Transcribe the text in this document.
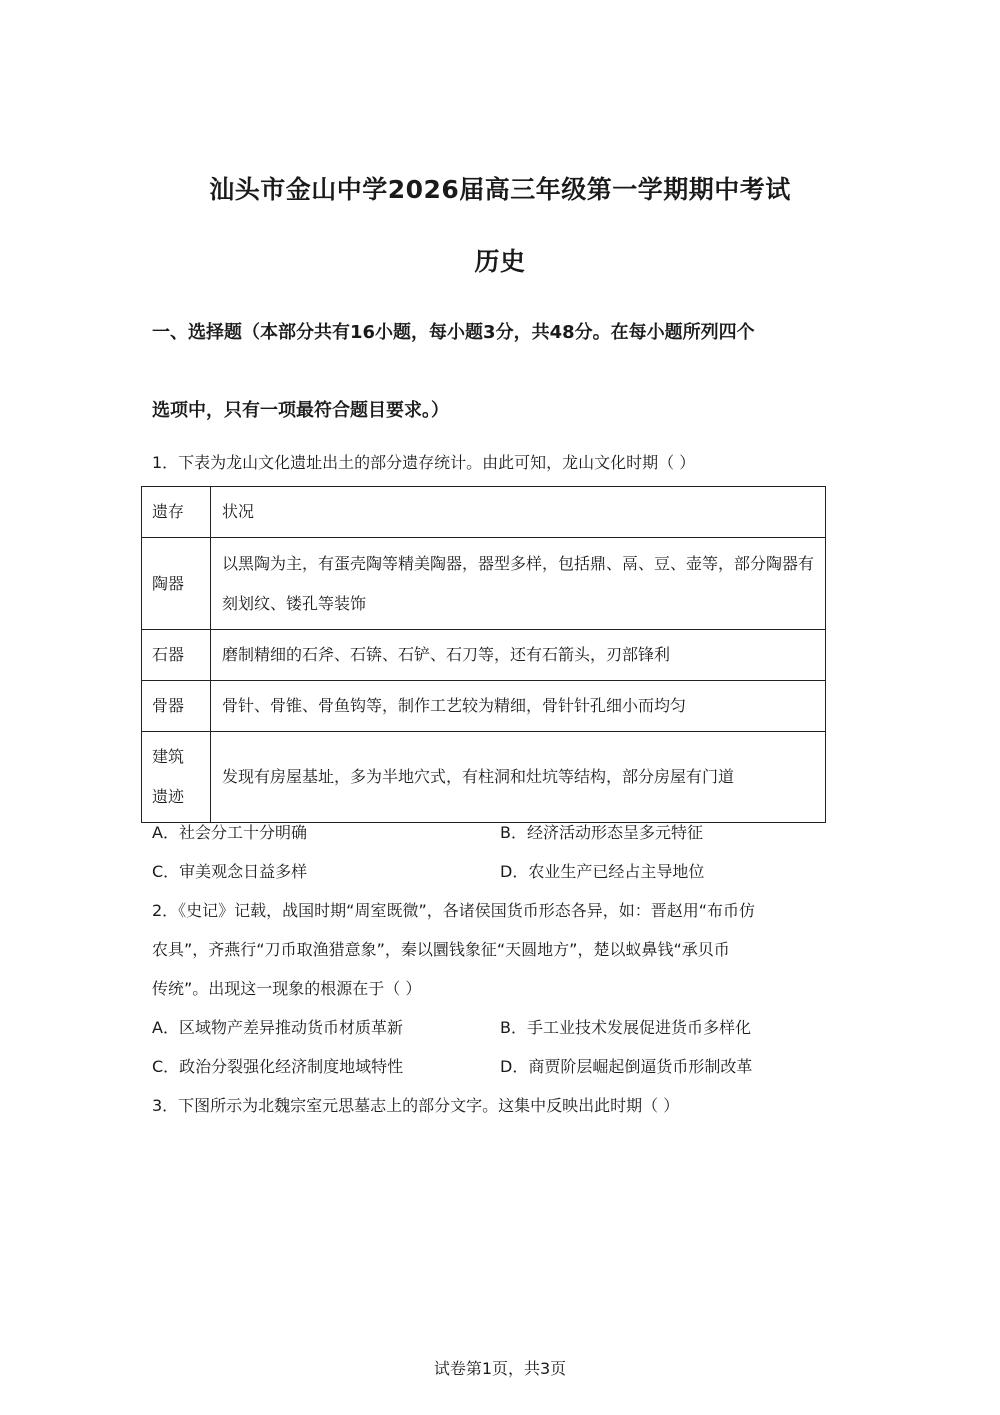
汕头市金山中学2026届高三年级第一学期期中考试
历史
一、选择题（本部分共有16小题，每小题3分，共48分。在每小题所列四个
选项中，只有一项最符合题目要求。）
1．下表为龙山文化遗址出土的部分遗存统计。由此可知，龙山文化时期（ ）
遗存	状况
陶器	以黑陶为主，有蛋壳陶等精美陶器，器型多样，包括鼎、鬲、豆、壶等，部分陶器有刻划纹、镂孔等装饰
石器	磨制精细的石斧、石锛、石铲、石刀等，还有石箭头，刃部锋利
骨器	骨针、骨锥、骨鱼钩等，制作工艺较为精细，骨针针孔细小而均匀
建筑遗迹	发现有房屋基址，多为半地穴式，有柱洞和灶坑等结构，部分房屋有门道
A．社会分工十分明确	B．经济活动形态呈多元特征
C．审美观念日益多样	D．农业生产已经占主导地位
2．《史记》记载，战国时期“周室既微”，各诸侯国货币形态各异，如：晋赵用“布币仿
农具”，齐燕行“刀币取渔猎意象”，秦以圜钱象征“天圆地方”，楚以蚁鼻钱“承贝币
传统”。出现这一现象的根源在于（ ）
A．区域物产差异推动货币材质革新	B．手工业技术发展促进货币多样化
C．政治分裂强化经济制度地域特性	D．商贾阶层崛起倒逼货币形制改革
3．下图所示为北魏宗室元思墓志上的部分文字。这集中反映出此时期（ ）
试卷第1页，共3页
